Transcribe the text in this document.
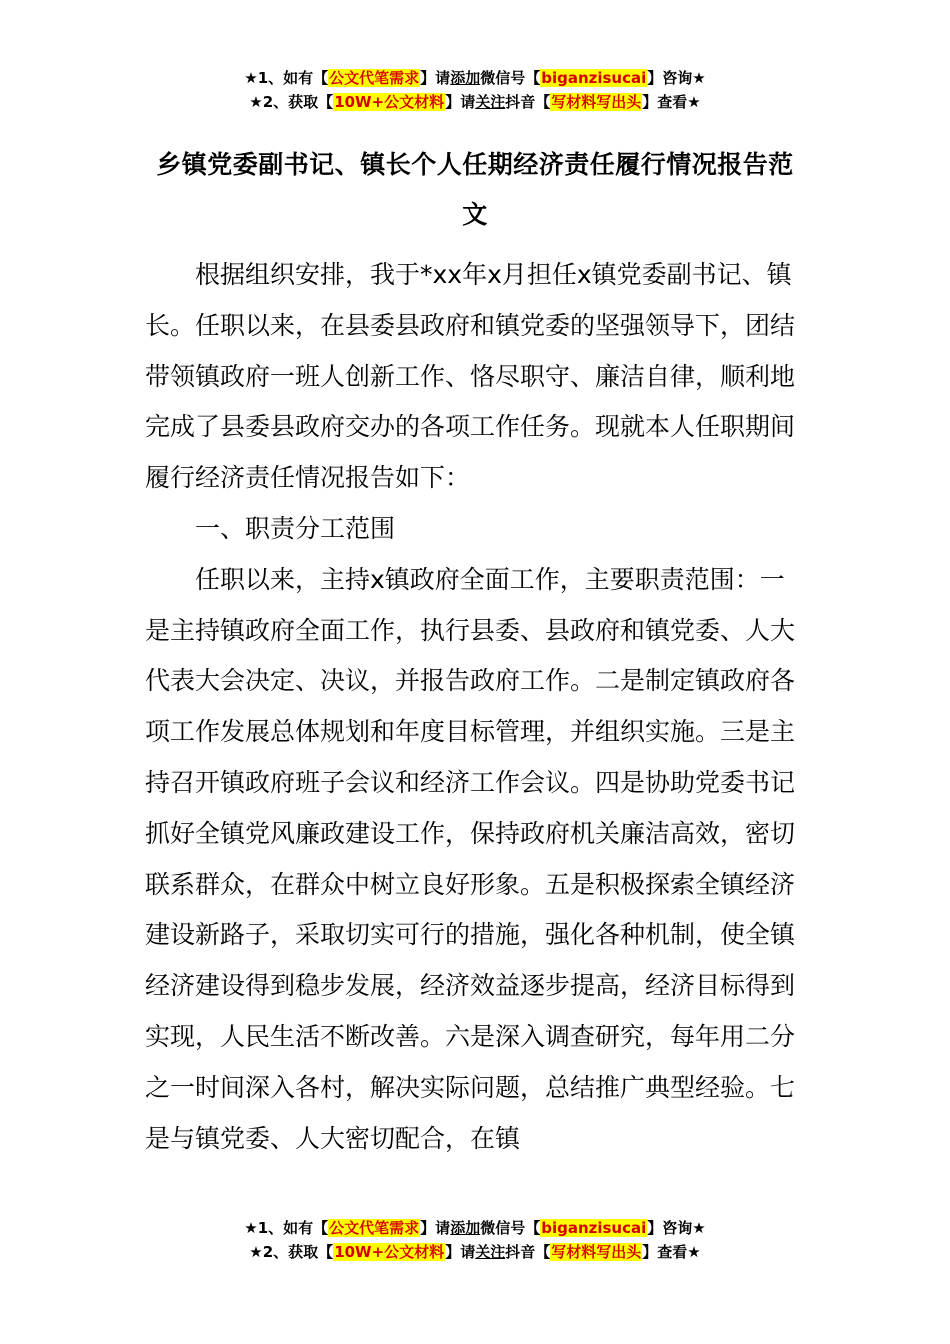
★1、如有【公文代笔需求】请添加微信号【biganzisucai】咨询★
★2、获取【10W+公文材料】请关注抖音【写材料写出头】查看★
乡镇党委副书记、镇长个人任期经济责任履行情况报告范文

根据组织安排，我于*xx年x月担任x镇党委副书记、镇长。任职以来，在县委县政府和镇党委的坚强领导下，团结带领镇政府一班人创新工作、恪尽职守、廉洁自律，顺利地完成了县委县政府交办的各项工作任务。现就本人任职期间履行经济责任情况报告如下：

一、职责分工范围

任职以来，主持x镇政府全面工作，主要职责范围：一是主持镇政府全面工作，执行县委、县政府和镇党委、人大代表大会决定、决议，并报告政府工作。二是制定镇政府各项工作发展总体规划和年度目标管理，并组织实施。三是主持召开镇政府班子会议和经济工作会议。四是协助党委书记抓好全镇党风廉政建设工作，保持政府机关廉洁高效，密切联系群众，在群众中树立良好形象。五是积极探索全镇经济建设新路子，采取切实可行的措施，强化各种机制，使全镇经济建设得到稳步发展，经济效益逐步提高，经济目标得到实现，人民生活不断改善。六是深入调查研究，每年用二分之一时间深入各村，解决实际问题，总结推广典型经验。七是与镇党委、人大密切配合，在镇

★1、如有【公文代笔需求】请添加微信号【biganzisucai】咨询★
★2、获取【10W+公文材料】请关注抖音【写材料写出头】查看★
